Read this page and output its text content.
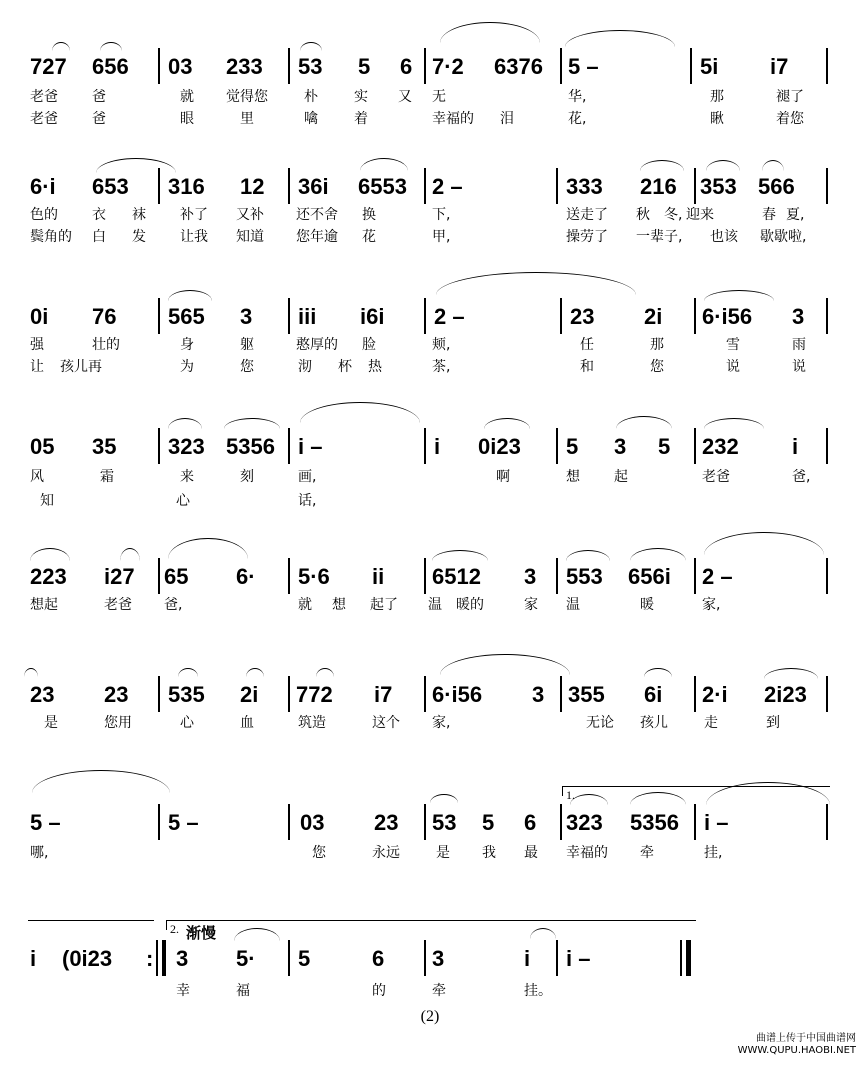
727 656 03 233 53 5 6 7·2 6376 5 –	5i i7
老爸 爸	就 觉得您	朴	实 又 无	华,	那	褪了
老爸 爸	眼	里	噙	着	幸福的 泪	花,	瞅	着您
6·i 653 316 12 36i 6553 2 –	333 216 353 566
色的 衣 袜 补了 又补 还不舍 换	下,	送走了 秋 冬, 迎来	春 夏,
鬓角的 白 发 让我 知道 您年逾 花	甲,	操劳了 一辈子, 也该 歇歇啦,
0i 76 565 3 iii i6i 2 –	23 2i 6·i56 3
强	壮的	身	躯	憨厚的 脸	颊,	任	那	雪	雨
让 孩儿再	为	您	沏 杯 热	茶,	和	您	说	说
05 35 323 5356 i –	i 0i23 5 3 5 232 i
风	霜	来	刻	画,	啊	想 起	老爸	爸,
知	心	话,
223 i27 65 6· 5·6 ii 6512 3 553 656i 2 –
想起	老爸 爸,	就 想 起了 温 暖的	家 温	暖	家,
23 23 535 2i 772 i7 6·i56 3 355 6i 2·i 2i23
是	您用	心	血	筑造	这个 家,	无论 孩儿	走	到
1.
5 –	5 –	03 23 53 5 6 323 5356 i –
哪,	您	永远	是 我 最 幸福的 牵	挂,
2. 渐慢
i (0i23 : 3 5· 5	6 3	i i –
幸	福	的	牵	挂。
(2)
曲谱上传于中国曲谱网
WWW.QUPU.HAOBI.NET
